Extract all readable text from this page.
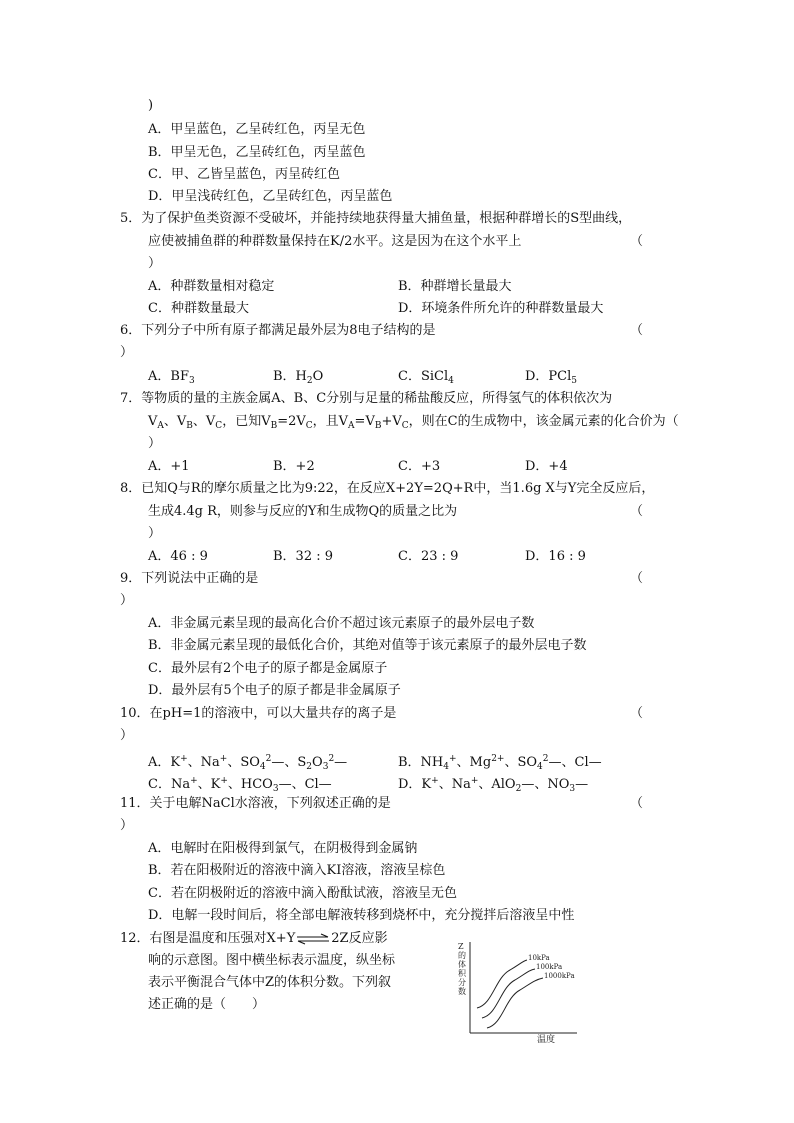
)
A．甲呈蓝色，乙呈砖红色，丙呈无色
B．甲呈无色，乙呈砖红色，丙呈蓝色
C．甲、乙皆呈蓝色，丙呈砖红色
D．甲呈浅砖红色，乙呈砖红色，丙呈蓝色
5．为了保护鱼类资源不受破坏，并能持续地获得量大捕鱼量，根据种群增长的S型曲线，
应使被捕鱼群的种群数量保持在K/2水平。这是因为在这个水平上	（
）
A．种群数量相对稳定	B．种群增长量最大
C．种群数量最大	D．环境条件所允许的种群数量最大
6．下列分子中所有原子都满足最外层为8电子结构的是	（
）
A．$BF_3$	B．$H_2O$	C．SiCl$_4$	D．PCl$_5$
7．等物质的量的主族金属A、B、C分别与足量的稀盐酸反应，所得氢气的体积依次为
$V_A$、$V_B$、$V_C$，已知$V_B=2V_C$，且$V_A=V_B+V_C$，则在C的生成物中，该金属元素的化合价为（
）
A．+1	B．+2	C．+3	D．+4
8．已知Q与R的摩尔质量之比为9:22，在反应X+2Y=2Q+R中，当1.6g X与Y完全反应后，
生成4.4g R，则参与反应的Y和生成物Q的质量之比为	（
）
A．46 : 9	B．32 : 9	C．23 : 9	D．16 : 9
9．下列说法中正确的是	（
）
A．非金属元素呈现的最高化合价不超过该元素原子的最外层电子数
B．非金属元素呈现的最低化合价，其绝对值等于该元素原子的最外层电子数
C．最外层有2个电子的原子都是金属原子
D．最外层有5个电子的原子都是非金属原子
10．在pH=1的溶液中，可以大量共存的离子是	（
）
A．K+、Na+、$SO_4^2—$、$S_2O_3^2—$	B．$NH_4^+$、$Mg^{2+}$、$SO_4^2—$、Cl—
C．Na+、K+、$HCO_3—$、Cl—	D．K+、Na+、AlO$_2$—、$NO_3—$
11．关于电解NaCl水溶液，下列叙述正确的是	（
）
A．电解时在阳极得到氯气，在阴极得到金属钠
B．若在阳极附近的溶液中滴入KI溶液，溶液呈棕色
C．若在阴极附近的溶液中滴入酚酞试液，溶液呈无色
D．电解一段时间后，将全部电解液转移到烧杯中，充分搅拌后溶液呈中性
12．右图是温度和压强对X+Y⇌2Z反应影
响的示意图。图中横坐标表示温度，纵坐标
表示平衡混合气体中Z的体积分数。下列叙
述正确的是（　　）
Z的体积分数
温度
10kPa
100kPa
1000kPa
